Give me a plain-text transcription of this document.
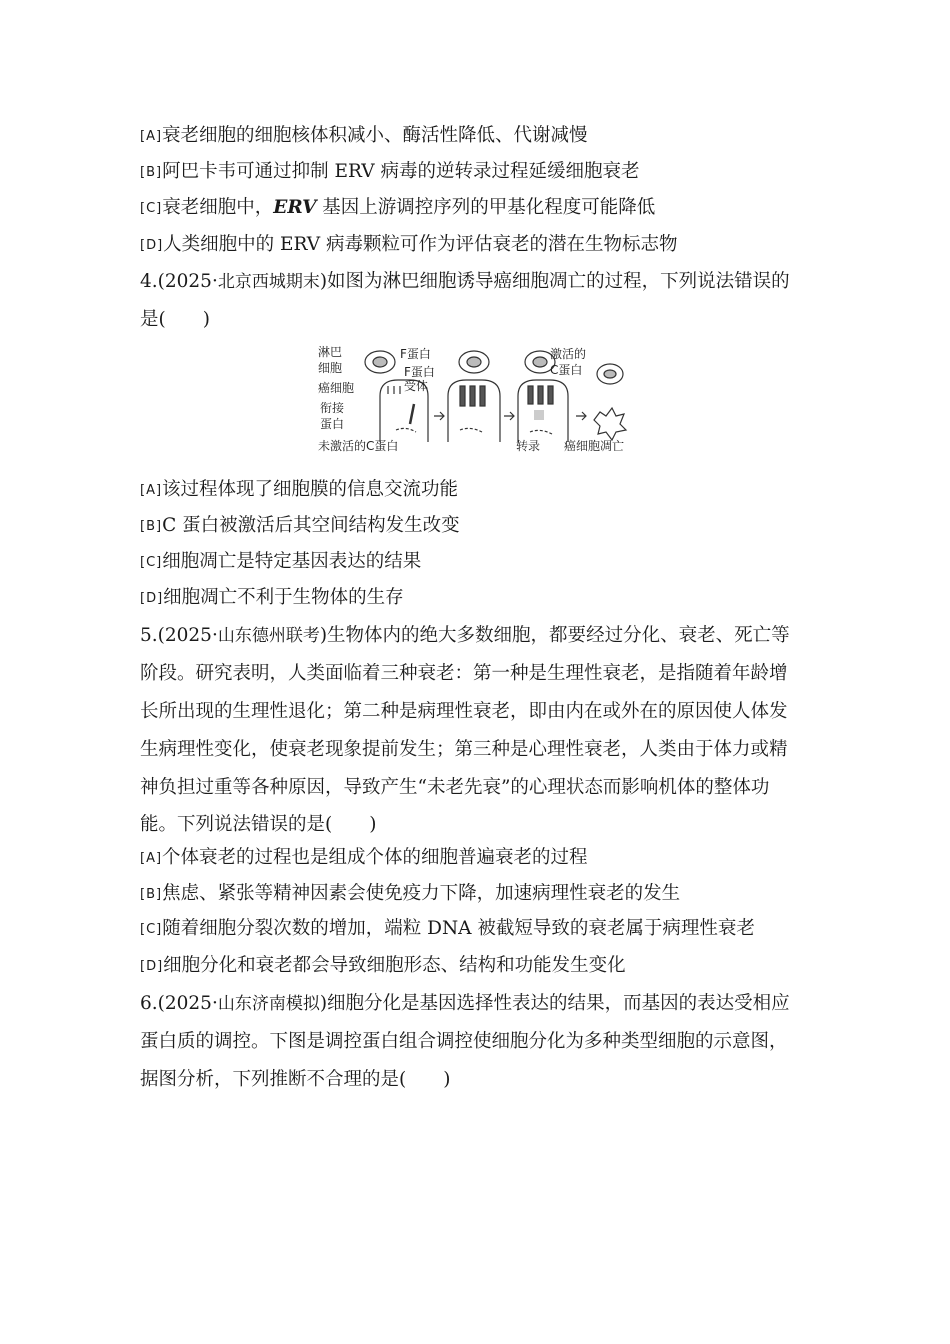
[A]衰老细胞的细胞核体积减小、酶活性降低、代谢减慢
[B]阿巴卡韦可通过抑制 ERV 病毒的逆转录过程延缓细胞衰老
[C]衰老细胞中，ERV 基因上游调控序列的甲基化程度可能降低
[D]人类细胞中的 ERV 病毒颗粒可作为评估衰老的潜在生物标志物
4.(2025·北京西城期末)如图为淋巴细胞诱导癌细胞凋亡的过程，下列说法错误的
是(　　)
淋巴
细胞
F蛋白
F蛋白
受体
癌细胞
衔接
蛋白
未激活的C蛋白
激活的
C蛋白
转录 癌细胞凋亡
[A]该过程体现了细胞膜的信息交流功能
[B]C 蛋白被激活后其空间结构发生改变
[C]细胞凋亡是特定基因表达的结果
[D]细胞凋亡不利于生物体的生存
5.(2025·山东德州联考)生物体内的绝大多数细胞，都要经过分化、衰老、死亡等
阶段。研究表明，人类面临着三种衰老：第一种是生理性衰老，是指随着年龄增
长所出现的生理性退化；第二种是病理性衰老，即由内在或外在的原因使人体发
生病理性变化，使衰老现象提前发生；第三种是心理性衰老，人类由于体力或精
神负担过重等各种原因，导致产生“未老先衰”的心理状态而影响机体的整体功
能。下列说法错误的是(　　)
[A]个体衰老的过程也是组成个体的细胞普遍衰老的过程
[B]焦虑、紧张等精神因素会使免疫力下降，加速病理性衰老的发生
[C]随着细胞分裂次数的增加，端粒 DNA 被截短导致的衰老属于病理性衰老
[D]细胞分化和衰老都会导致细胞形态、结构和功能发生变化
6.(2025·山东济南模拟)细胞分化是基因选择性表达的结果，而基因的表达受相应
蛋白质的调控。下图是调控蛋白组合调控使细胞分化为多种类型细胞的示意图，
据图分析，下列推断不合理的是(　　)
